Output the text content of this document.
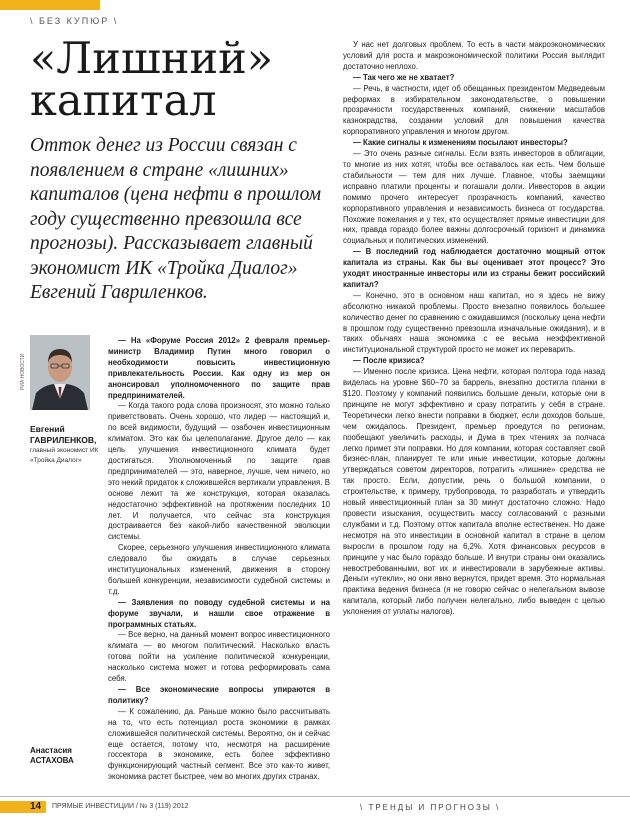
\ БЕЗ КУПЮР \
«Лишний» капитал

Отток денег из России связан с появлением в стране «лишних» капиталов (цена нефти в прошлом году существенно превзошла все прогнозы). Рассказывает главный экономист ИК «Тройка Диалог» Евгений Гавриленков.

РИА НОВОСТИ
Евгений ГАВРИЛЕНКОВ,
главный экономист ИК «Тройка Диалог»
Анастасия
АСТАХОВА

— На «Форуме Россия 2012» 2 февраля премьер-министр Владимир Путин много говорил о необходимости повысить инвестиционную привлекательность России. Как одну из мер он анонсировал уполномоченного по защите прав предпринимателей.

— Когда такого рода слова произносят, это можно только приветствовать. Очень хорошо, что лидер — настоящий и, по всей видимости, будущий — озабочен инвестиционным климатом. Это как бы целеполагание. Другое дело — как цель улучшения инвестиционного климата будет достигаться. Уполномоченный по защите прав предпринимателей — это, наверное, лучше, чем ничего, но это некий придаток к сложившейся вертикали управления. В основе лежит та же конструкция, которая оказалась недостаточно эффективной на протяжении последних 10 лет. И получается, что сейчас эта конструкция достраивается без какой-либо качественной эволюции системы.

Скорее, серьезного улучшения инвестиционного климата следовало бы ожидать в случае серьезных институциональных изменений, движения в сторону большей конкуренции, независимости судебной системы и т.д.

— Заявления по поводу судебной системы и на форуме звучали, и нашли свое отражение в программных статьях.

— Все верно, на данный момент вопрос инвестиционного климата — во многом политический. Насколько власть готова пойти на усиление политической конкуренции, насколько система может и готова реформировать сама себя.

— Все экономические вопросы упираются в политику?

— К сожалению, да. Раньше можно было рассчитывать на то, что есть потенциал роста экономики в рамках сложившейся политической системы. Вероятно, он и сейчас еще остается, потому что, несмотря на расширение госсектора в экономике, есть более эффективно функционирующий частный сегмент. Все это как-то живет, экономика растет быстрее, чем во многих других странах.

У нас нет долговых проблем. То есть в части макроэкономических условий для роста и макроэкономической политики Россия выглядит достаточно неплохо.

— Так чего же не хватает?

— Речь, в частности, идет об обещанных президентом Медведевым реформах в избирательном законодательстве, о повышении прозрачности государственных компаний, снижении масштабов казнокрадства, создании условий для повышения качества корпоративного управления и многом другом.

— Какие сигналы к изменениям посылают инвесторы?

— Это очень разные сигналы. Если взять инвесторов в облигации, то многие из них хотят, чтобы все оставалось как есть. Чем больше стабильности — тем для них лучше. Главное, чтобы заемщики исправно платили проценты и погашали долги. Инвесторов в акции помимо прочего интересует прозрачность компаний, качество корпоративного управления и независимость бизнеса от государства. Похожие пожелания и у тех, кто осуществляет прямые инвестиции для них, правда гораздо более важны долгосрочный горизонт и динамика социальных и политических изменений.

— В последний год наблюдается достаточно мощный отток капитала из страны. Как бы вы оценивает этот процесс? Это уходят иностранные инвесторы или из страны бежит российский капитал?

— Конечно, это в основном наш капитал, но я здесь не вижу абсолютно никакой проблемы. Просто внезапно появилось большее количество денег по сравнению с ожидавшимся (поскольку цена нефти в прошлом году существенно превзошла изначальные ожидания), и в таких обычаях наша экономика с ее весьма неэффективной институциональной структурой просто не может их переварить.

— После кризиса?

— Именно после кризиса. Цена нефти, которая полтора года назад виделась на уровне $60–70 за баррель, внезапно достигла планки в $120. Поэтому у компаний появились большие деньги, которые они в принципе не могут эффективно и сразу потратить у себя в стране. Теоретически легко внести поправки в бюджет, если доходов больше, чем ожидалось. Президент, премьер проедутся по регионам, пообещают увеличить расходы, и Дума в трех чтениях за полчаса легко примет эти поправки. Но для компании, которая составляет свой бизнес-план, планирует те или иные инвестиции, которые должны утверждаться советом директоров, потратить «лишние» средства не так просто. Если, допустим, речь о большой компании, о строительстве, к примеру, трубопровода, то разработать и утвердить новый инвестиционный план за 30 минут достаточно сложно. Надо провести изыскания, осуществить массу согласований с разными службами и т.д. Поэтому отток капитала вполне естественен. Но даже несмотря на это инвестиции в основной капитал в стране в целом выросли в прошлом году на 6,2%. Хотя финансовых ресурсов в принципе у нас было гораздо больше. И внутри страны они оказались невостребованными, вот их и инвестировали в зарубежные активы. Деньги «утекли», но они явно вернутся, придет время. Это нормальная практика ведения бизнеса (я не говорю сейчас о нелегальном вывозе капитала, который либо получен нелегально, либо выведен с целью уклонения от уплаты налогов).

14	ПРЯМЫЕ ИНВЕСТИЦИИ / № 3 (119) 2012	\ ТРЕНДЫ И ПРОГНОЗЫ \
